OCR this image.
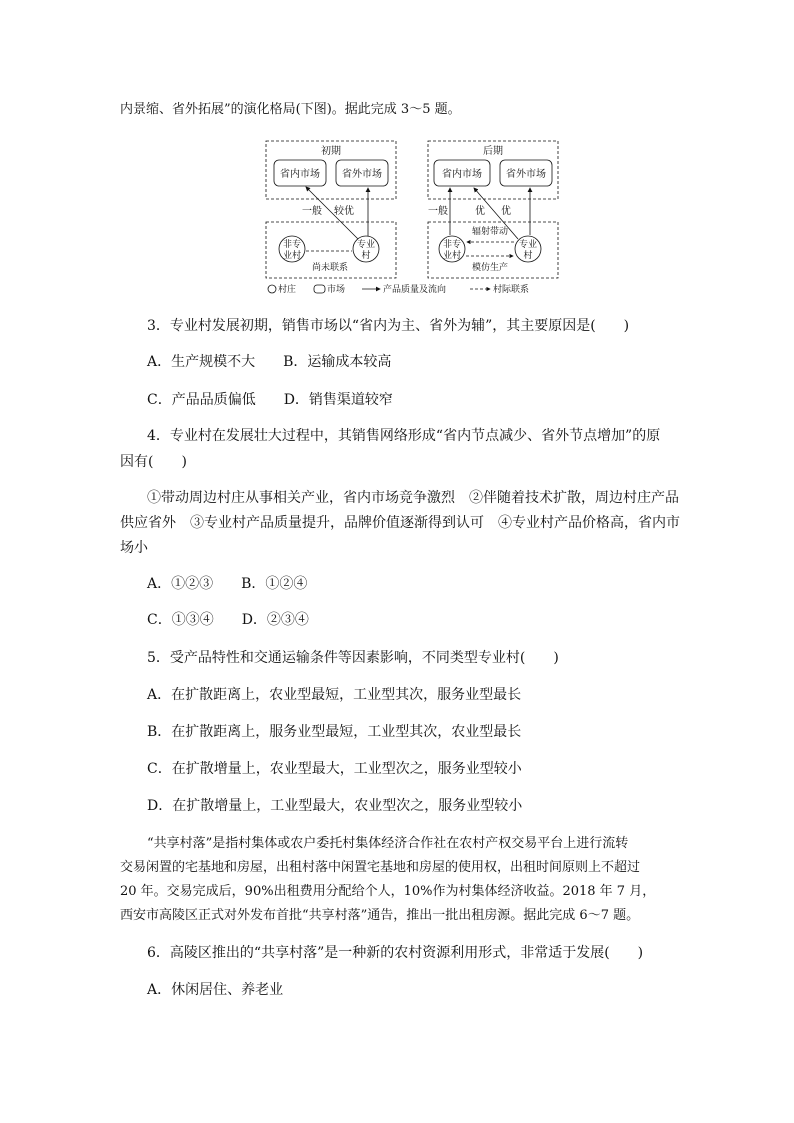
内景缩、省外拓展”的演化格局(下图)。据此完成 3～5 题。
初期
省内市场 省外市场
一般 较优
非专
业村
专业
村
尚未联系
后期
省内市场 省外市场
一般	优 优
非专
业村
专业
村
辐射带动
模仿生产
村庄	市场	产品质量及流向	村际联系
3．专业村发展初期，销售市场以“省内为主、省外为辅”，其主要原因是(　　)
A．生产规模不大　　B．运输成本较高
C．产品品质偏低　　D．销售渠道较窄
4．专业村在发展壮大过程中，其销售网络形成“省内节点减少、省外节点增加”的原
因有(　　)
①带动周边村庄从事相关产业，省内市场竞争激烈　②伴随着技术扩散，周边村庄产品
供应省外　③专业村产品质量提升，品牌价值逐渐得到认可　④专业村产品价格高，省内市
场小
A．①②③　　B．①②④
C．①③④　　D．②③④
5．受产品特性和交通运输条件等因素影响，不同类型专业村(　　)
A．在扩散距离上，农业型最短，工业型其次，服务业型最长
B．在扩散距离上，服务业型最短，工业型其次，农业型最长
C．在扩散增量上，农业型最大，工业型次之，服务业型较小
D．在扩散增量上，工业型最大，农业型次之，服务业型较小
“共享村落”是指村集体或农户委托村集体经济合作社在农村产权交易平台上进行流转
交易闲置的宅基地和房屋，出租村落中闲置宅基地和房屋的使用权，出租时间原则上不超过
20 年。交易完成后，90%出租费用分配给个人，10%作为村集体经济收益。2018 年 7 月，
西安市高陵区正式对外发布首批“共享村落”通告，推出一批出租房源。据此完成 6～7 题。
6．高陵区推出的“共享村落”是一种新的农村资源利用形式，非常适于发展(　　)
A．休闲居住、养老业
